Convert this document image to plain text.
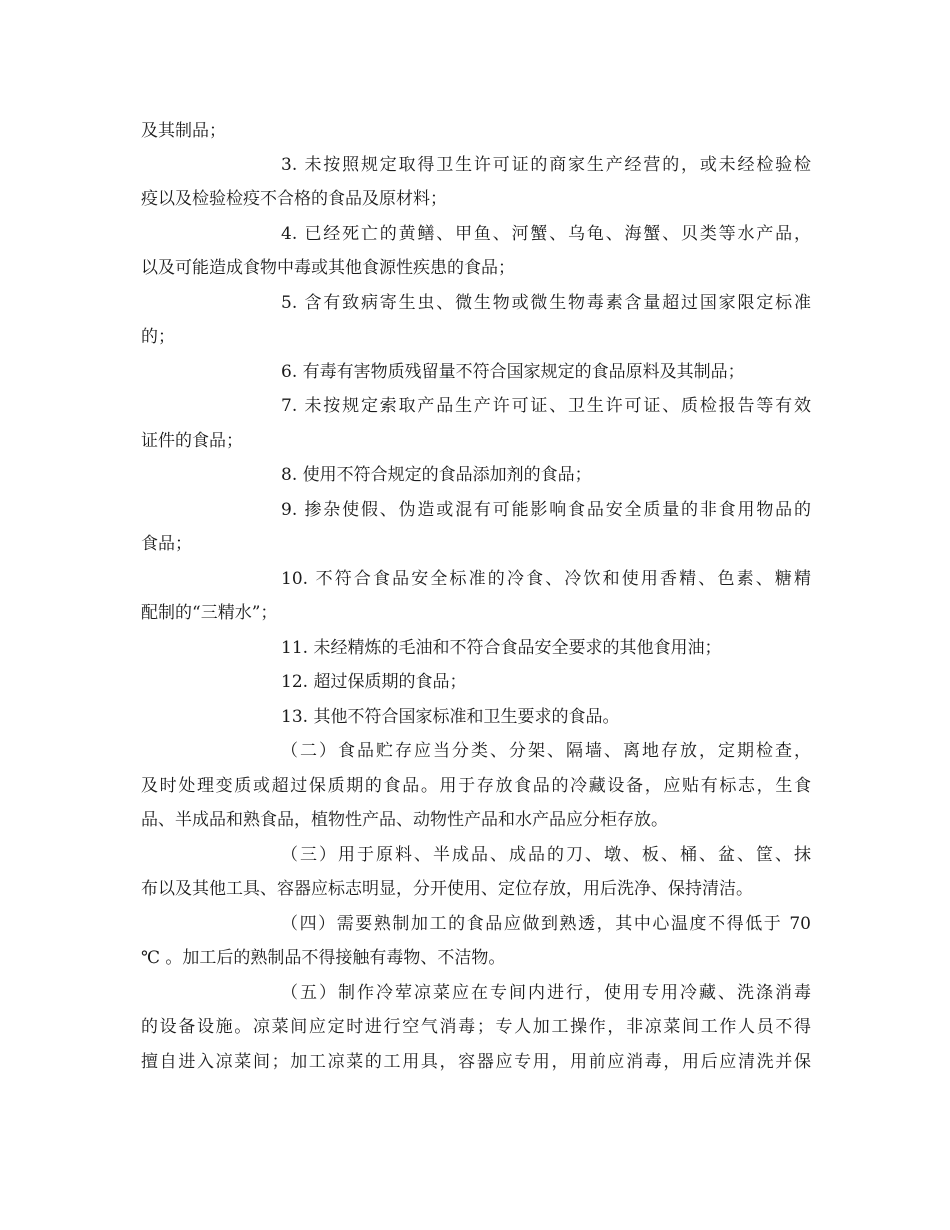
及其制品；
3. 未按照规定取得卫生许可证的商家生产经营的，或未经检验检
疫以及检验检疫不合格的食品及原材料；
4. 已经死亡的黄鳝、甲鱼、河蟹、乌龟、海蟹、贝类等水产品，
以及可能造成食物中毒或其他食源性疾患的食品；
5. 含有致病寄生虫、微生物或微生物毒素含量超过国家限定标准
的；
6. 有毒有害物质残留量不符合国家规定的食品原料及其制品；
7. 未按规定索取产品生产许可证、卫生许可证、质检报告等有效
证件的食品；
8. 使用不符合规定的食品添加剂的食品；
9. 掺杂使假、伪造或混有可能影响食品安全质量的非食用物品的
食品；
10. 不符合食品安全标准的冷食、冷饮和使用香精、色素、糖精
配制的“三精水”；
11. 未经精炼的毛油和不符合食品安全要求的其他食用油；
12. 超过保质期的食品；
13. 其他不符合国家标准和卫生要求的食品。
（二）食品贮存应当分类、分架、隔墙、离地存放，定期检查，
及时处理变质或超过保质期的食品。用于存放食品的冷藏设备，应贴有标志，生食
品、半成品和熟食品，植物性产品、动物性产品和水产品应分柜存放。
（三）用于原料、半成品、成品的刀、墩、板、桶、盆、筐、抹
布以及其他工具、容器应标志明显，分开使用、定位存放，用后洗净、保持清洁。
（四）需要熟制加工的食品应做到熟透，其中心温度不得低于 70
℃ 。加工后的熟制品不得接触有毒物、不洁物。
（五）制作冷荤凉菜应在专间内进行，使用专用冷藏、洗涤消毒
的设备设施。凉菜间应定时进行空气消毒；专人加工操作，非凉菜间工作人员不得
擅自进入凉菜间；加工凉菜的工用具，容器应专用，用前应消毒，用后应清洗并保
